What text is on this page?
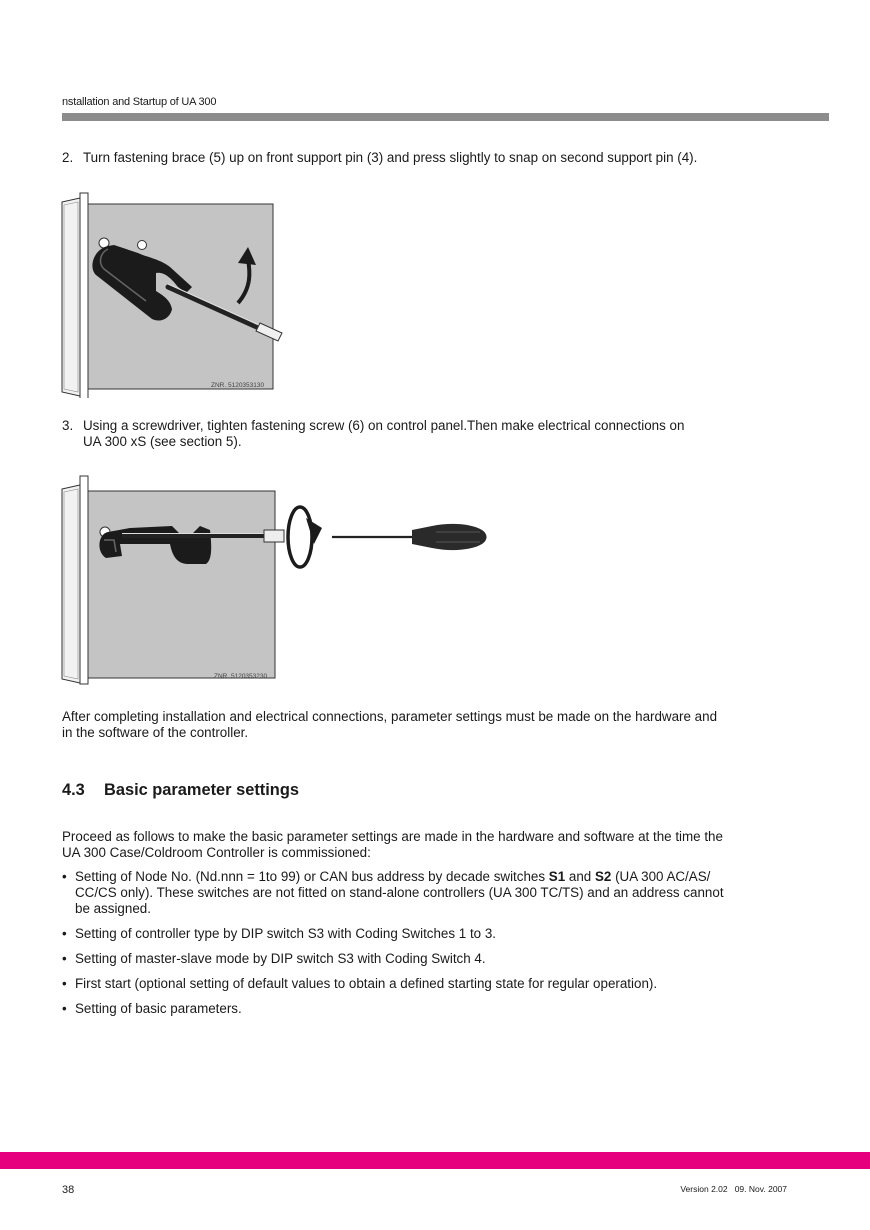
nstallation and Startup of UA 300
2. Turn fastening brace (5) up on front support pin (3) and press slightly to snap on second support pin (4).
ZNR. 5120353130
3. Using a screwdriver, tighten fastening screw (6) on control panel.Then make electrical connections on
UA 300 xS (see section 5).
ZNR. 5120353230
After completing installation and electrical connections, parameter settings must be made on the hardware and
in the software of the controller.
4.3 Basic parameter settings
Proceed as follows to make the basic parameter settings are made in the hardware and software at the time the
UA 300 Case/Coldroom Controller is commissioned:
• Setting of Node No. (Nd.nnn = 1to 99) or CAN bus address by decade switches S1 and S2 (UA 300 AC/AS/
CC/CS only). These switches are not fitted on stand-alone controllers (UA 300 TC/TS) and an address cannot
be assigned.
• Setting of controller type by DIP switch S3 with Coding Switches 1 to 3.
• Setting of master-slave mode by DIP switch S3 with Coding Switch 4.
• First start (optional setting of default values to obtain a defined starting state for regular operation).
• Setting of basic parameters.
38	Version 2.02   09. Nov. 2007
